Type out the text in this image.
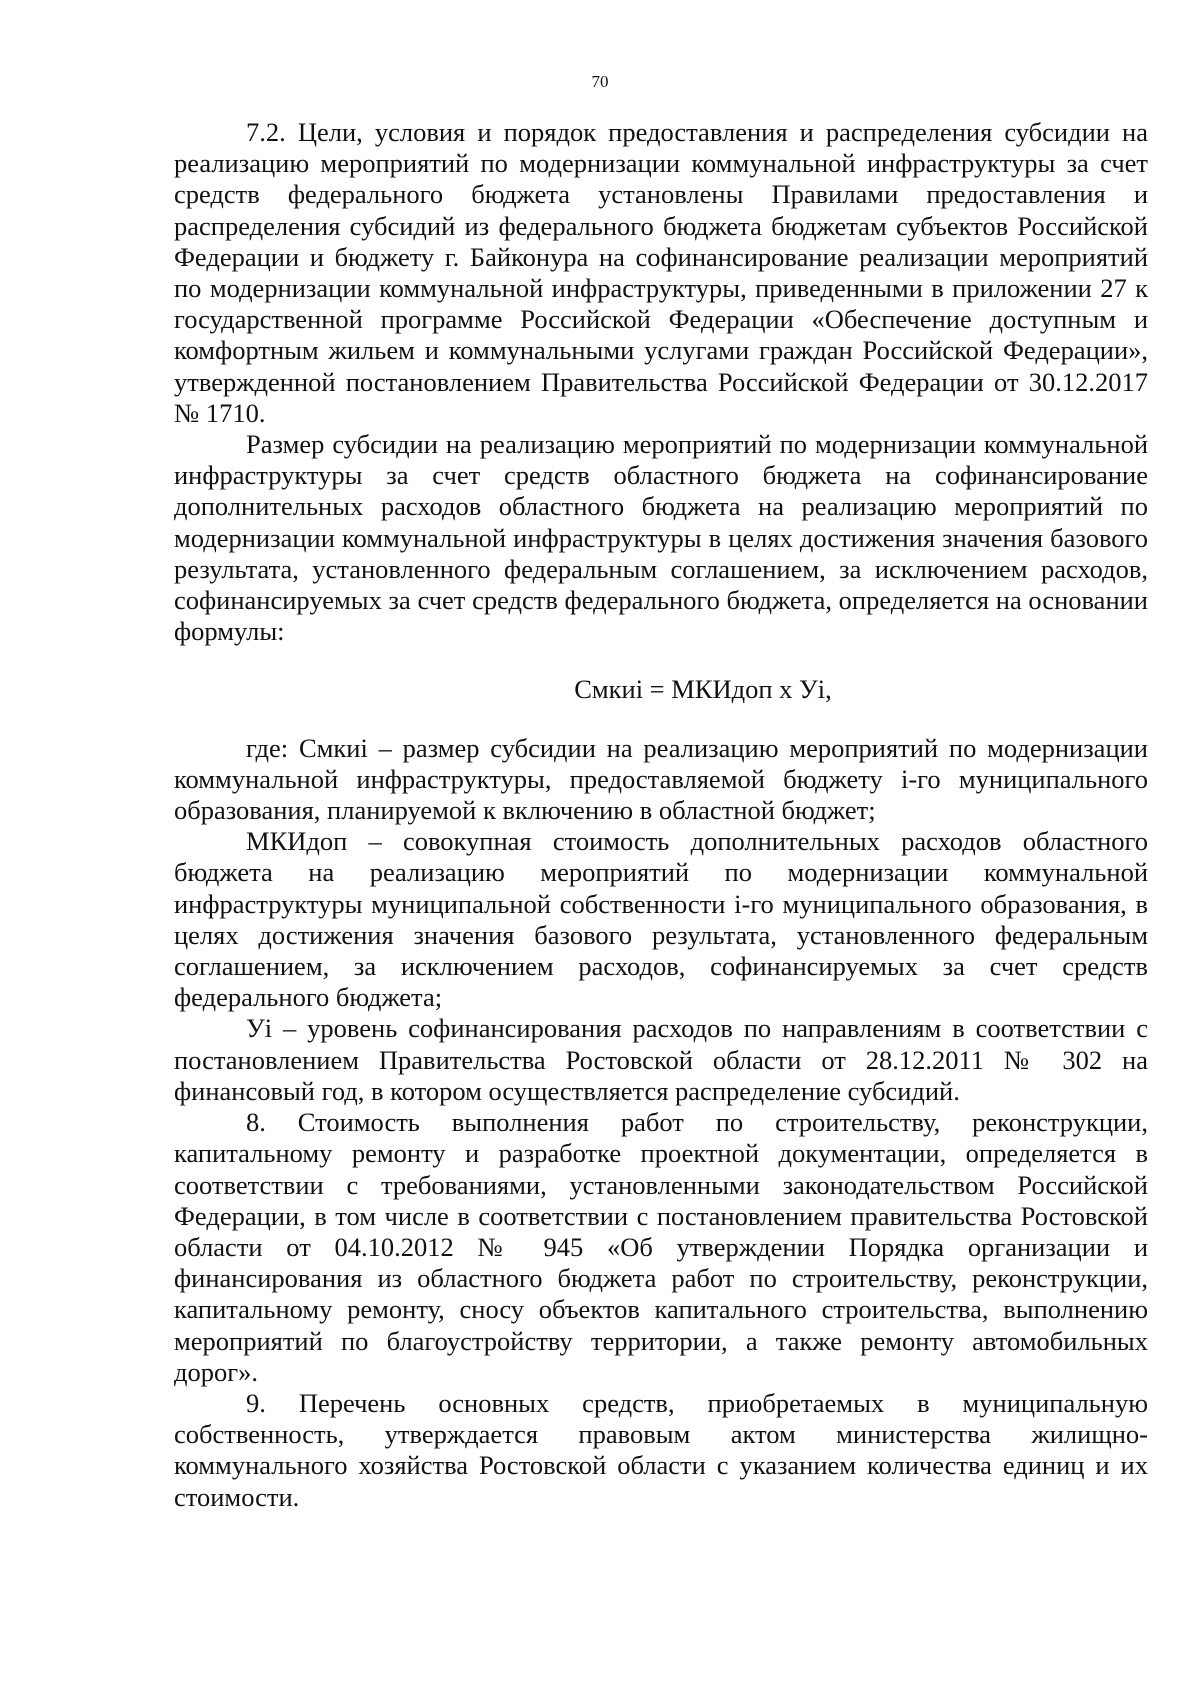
70

7.2. Цели, условия и порядок предоставления и распределения субсидии на реализацию мероприятий по модернизации коммунальной инфраструктуры за счет средств федерального бюджета установлены Правилами предоставления и распределения субсидий из федерального бюджета бюджетам субъектов Российской Федерации и бюджету г. Байконура на софинансирование реализации мероприятий по модернизации коммунальной инфраструктуры, приведенными в приложении 27 к государственной программе Российской Федерации «Обеспечение доступным и комфортным жильем и коммунальными услугами граждан Российской Федерации», утвержденной постановлением Правительства Российской Федерации от 30.12.2017 № 1710.

Размер субсидии на реализацию мероприятий по модернизации коммунальной инфраструктуры за счет средств областного бюджета на софинансирование дополнительных расходов областного бюджета на реализацию мероприятий по модернизации коммунальной инфраструктуры в целях достижения значения базового результата, установленного федеральным соглашением, за исключением расходов, софинансируемых за счет средств федерального бюджета, определяется на основании формулы:

Смкиі = МКИдоп х Уі,

где: Смкиі – размер субсидии на реализацию мероприятий по модернизации коммунальной инфраструктуры, предоставляемой бюджету і-го муниципального образования, планируемой к включению в областной бюджет;

МКИдоп – совокупная стоимость дополнительных расходов областного бюджета на реализацию мероприятий по модернизации коммунальной инфраструктуры муниципальной собственности і-го муниципального образования, в целях достижения значения базового результата, установленного федеральным соглашением, за исключением расходов, софинансируемых за счет средств федерального бюджета;

Уі – уровень софинансирования расходов по направлениям в соответствии с постановлением Правительства Ростовской области от 28.12.2011 № 302 на финансовый год, в котором осуществляется распределение субсидий.

8. Стоимость выполнения работ по строительству, реконструкции, капитальному ремонту и разработке проектной документации, определяется в соответствии с требованиями, установленными законодательством Российской Федерации, в том числе в соответствии с постановлением правительства Ростовской области от 04.10.2012 № 945 «Об утверждении Порядка организации и финансирования из областного бюджета работ по строительству, реконструкции, капитальному ремонту, сносу объектов капитального строительства, выполнению мероприятий по благоустройству территории, а также ремонту автомобильных дорог».

9. Перечень основных средств, приобретаемых в муниципальную собственность, утверждается правовым актом министерства жилищно-коммунального хозяйства Ростовской области с указанием количества единиц и их стоимости.
